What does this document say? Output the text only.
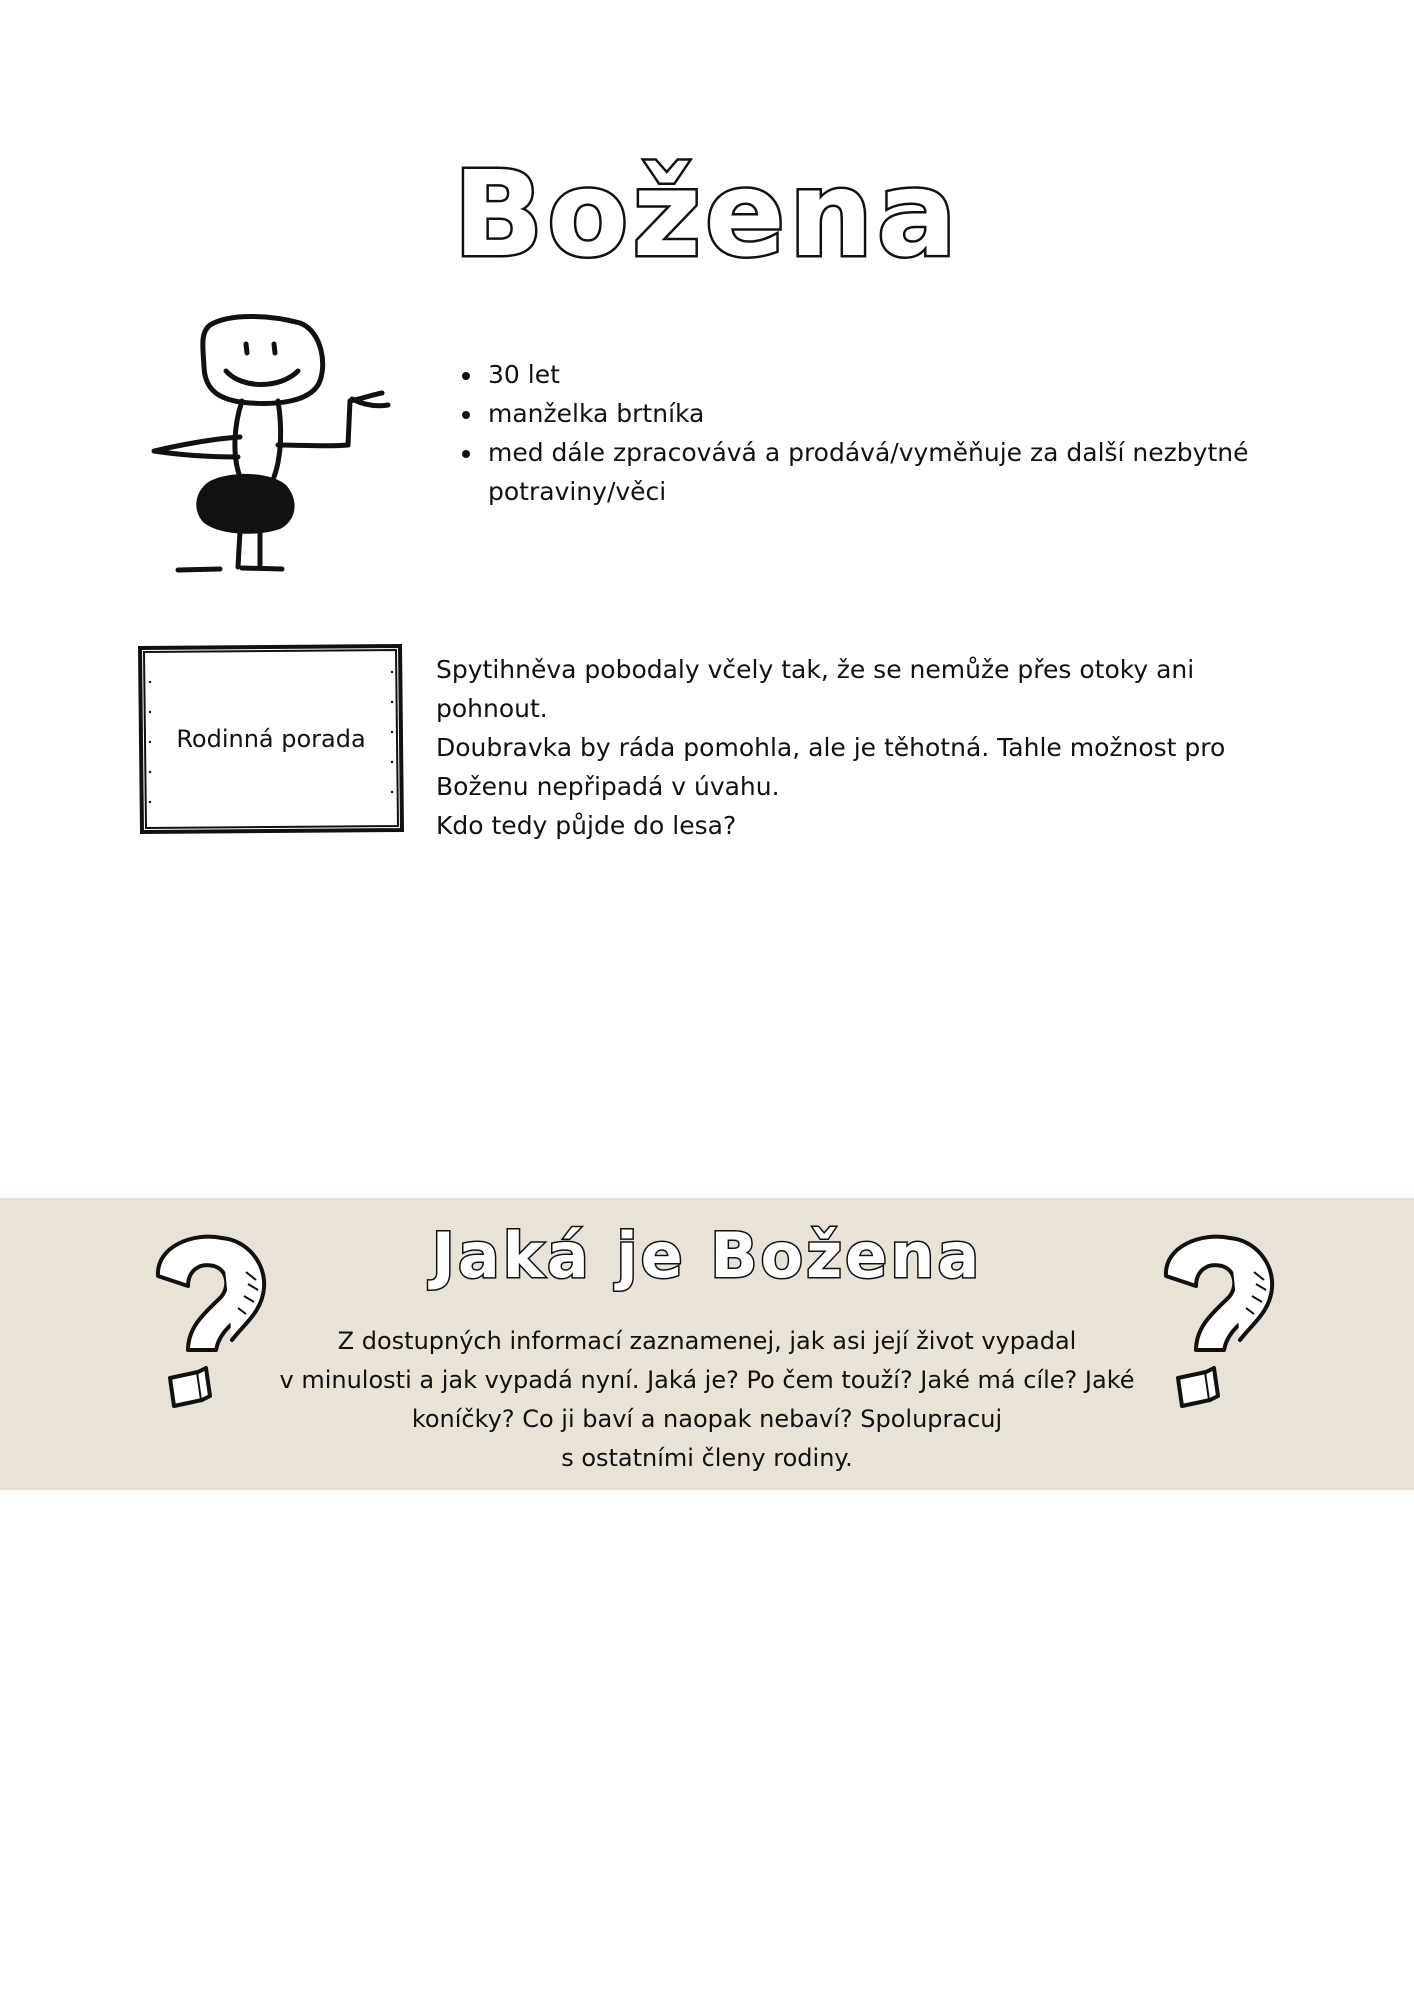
Božena
• 30 let
• manželka brtníka
• med dále zpracovává a prodává/vyměňuje za další nezbytné potraviny/věci
Rodinná porada

Spytihněva pobodaly včely tak, že se nemůže přes otoky ani pohnout.

Doubravka by ráda pomohla, ale je těhotná. Tahle možnost pro

Boženu nepřipadá v úvahu.

Kdo tedy půjde do lesa?

Jaká je Božena
Z dostupných informací zaznamenej, jak asi její život vypadal
v minulosti a jak vypadá nyní. Jaká je? Po čem touží? Jaké má cíle? Jaké
koníčky? Co ji baví a naopak nebaví? Spolupracuj
s ostatními členy rodiny.
